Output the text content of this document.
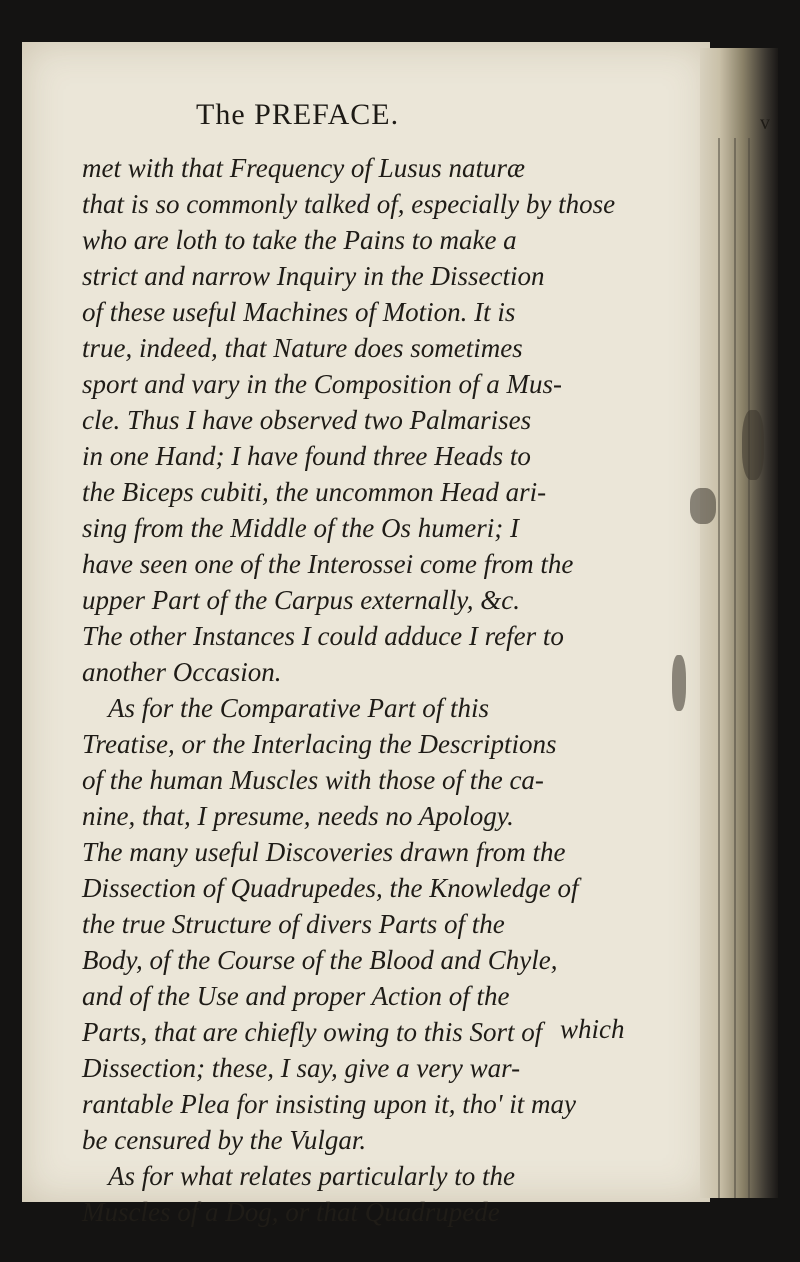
The PREFACE.	v
met with that Frequency of Lusus naturæ
that is so commonly talked of, especially by those
who are loth to take the Pains to make a
strict and narrow Inquiry in the Dissection
of these useful Machines of Motion. It is
true, indeed, that Nature does sometimes
sport and vary in the Composition of a Mus-
cle. Thus I have observed two Palmarises
in one Hand; I have found three Heads to
the Biceps cubiti, the uncommon Head ari-
sing from the Middle of the Os humeri; I
have seen one of the Interossei come from the
upper Part of the Carpus externally, &c.
The other Instances I could adduce I refer to
another Occasion.
As for the Comparative Part of this
Treatise, or the Interlacing the Descriptions
of the human Muscles with those of the ca-
nine, that, I presume, needs no Apology.
The many useful Discoveries drawn from the
Dissection of Quadrupedes, the Knowledge of
the true Structure of divers Parts of the
Body, of the Course of the Blood and Chyle,
and of the Use and proper Action of the
Parts, that are chiefly owing to this Sort of
Dissection; these, I say, give a very war-
rantable Plea for insisting upon it, tho' it may
be censured by the Vulgar.
As for what relates particularly to the
Muscles of a Dog, or that Quadrupede
which
